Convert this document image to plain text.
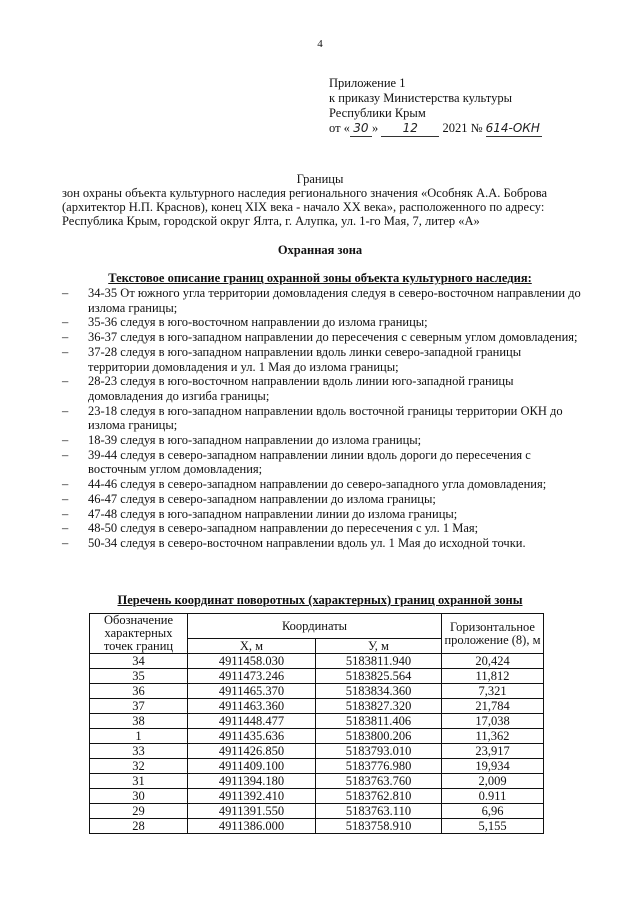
4
Приложение 1
к приказу Министерства культуры
Республики Крым
от « 30 » 12 2021 № 614-ОКН
Границы
зон охраны объекта культурного наследия регионального значения «Особняк А.А. Боброва (архитектор Н.П. Краснов), конец XIX века - начало XX века», расположенного по адресу: Республика Крым, городской округ Ялта, г. Алупка, ул. 1-го Мая, 7, литер «А»
Охранная зона
Текстовое описание границ охранной зоны объекта культурного наследия:
– 34-35 От южного угла территории домовладения следуя в северо-восточном направлении до излома границы;
– 35-36 следуя в юго-восточном направлении до излома границы;
– 36-37 следуя в юго-западном направлении до пересечения с северным углом домовладения;
– 37-28 следуя в юго-западном направлении вдоль линки северо-западной границы территории домовладения и ул. 1 Мая до излома границы;
– 28-23 следуя в юго-восточном направлении вдоль линии юго-западной границы домовладения до изгиба границы;
– 23-18 следуя в юго-западном направлении вдоль восточной границы территории ОКН до излома границы;
– 18-39 следуя в юго-западном направлении до излома границы;
– 39-44 следуя в северо-западном направлении линии вдоль дороги до пересечения с восточным углом домовладения;
– 44-46 следуя в северо-западном направлении до северо-западного угла домовладения;
– 46-47 следуя в северо-западном направлении до излома границы;
– 47-48 следуя в юго-западном направлении линии до излома границы;
– 48-50 следуя в северо-западном направлении до пересечения с ул. 1 Мая;
– 50-34 следуя в северо-восточном направлении вдоль ул. 1 Мая до исходной точки.
Перечень координат поворотных (характерных) границ охранной зоны
Обозначение характерных точек границ	Координаты		Горизонтальное проложение (8), м
	Х, м	У, м	
34	4911458.030	5183811.940	20,424
35	4911473.246	5183825.564	11,812
36	4911465.370	5183834.360	7,321
37	4911463.360	5183827.320	21,784
38	4911448.477	5183811.406	17,038
1	4911435.636	5183800.206	11,362
33	4911426.850	5183793.010	23,917
32	4911409.100	5183776.980	19,934
31	4911394.180	5183763.760	2,009
30	4911392.410	5183762.810	0.911
29	4911391.550	5183763.110	6,96
28	4911386.000	5183758.910	5,155
